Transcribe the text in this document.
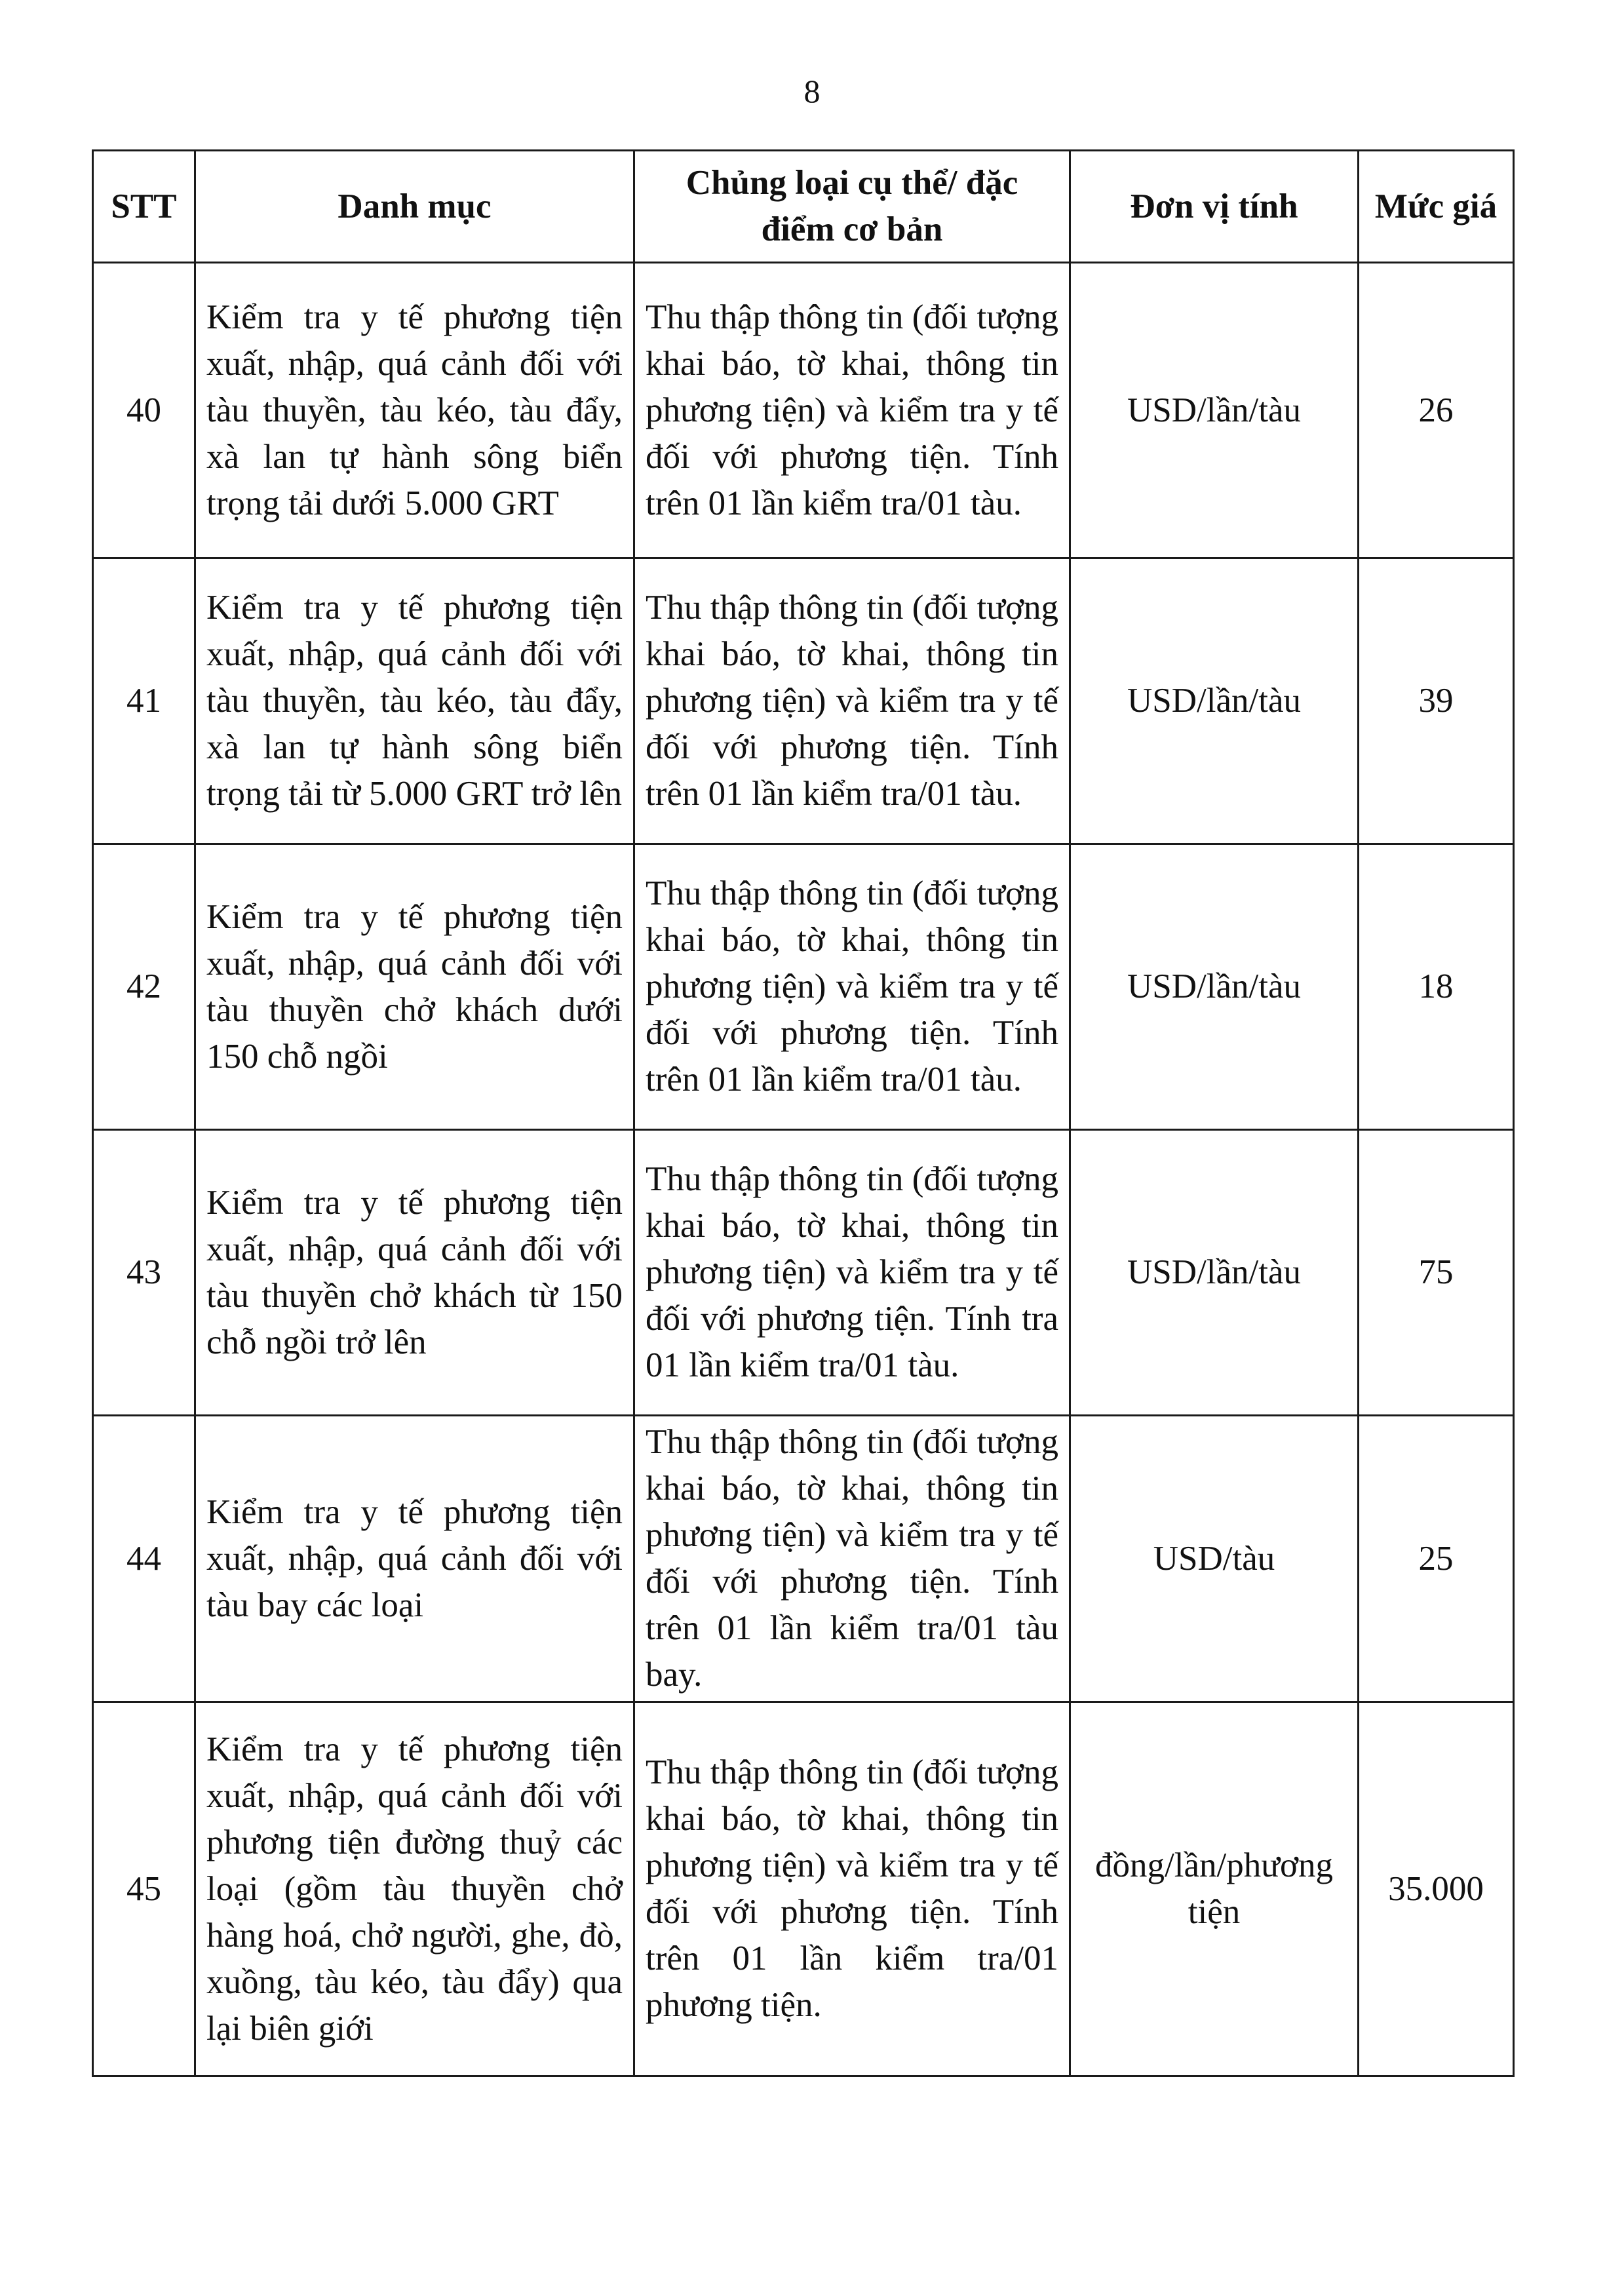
8
STT	Danh mục	Chủng loại cụ thể/ đặc điểm cơ bản	Đơn vị tính	Mức giá
40	Kiểm tra y tế phương tiện xuất, nhập, quá cảnh đối với tàu thuyền, tàu kéo, tàu đẩy, xà lan tự hành sông biển trọng tải dưới 5.000 GRT	Thu thập thông tin (đối tượng khai báo, tờ khai, thông tin phương tiện) và kiểm tra y tế đối với phương tiện. Tính trên 01 lần kiểm tra/01 tàu.	USD/lần/tàu	26
41	Kiểm tra y tế phương tiện xuất, nhập, quá cảnh đối với tàu thuyền, tàu kéo, tàu đẩy, xà lan tự hành sông biển trọng tải từ 5.000 GRT trở lên	Thu thập thông tin (đối tượng khai báo, tờ khai, thông tin phương tiện) và kiểm tra y tế đối với phương tiện. Tính trên 01 lần kiểm tra/01 tàu.	USD/lần/tàu	39
42	Kiểm tra y tế phương tiện xuất, nhập, quá cảnh đối với tàu thuyền chở khách dưới 150 chỗ ngồi	Thu thập thông tin (đối tượng khai báo, tờ khai, thông tin phương tiện) và kiểm tra y tế đối với phương tiện. Tính trên 01 lần kiểm tra/01 tàu.	USD/lần/tàu	18
43	Kiểm tra y tế phương tiện xuất, nhập, quá cảnh đối với tàu thuyền chở khách từ 150 chỗ ngồi trở lên	Thu thập thông tin (đối tượng khai báo, tờ khai, thông tin phương tiện) và kiểm tra y tế đối với phương tiện. Tính tra 01 lần kiểm tra/01 tàu.	USD/lần/tàu	75
44	Kiểm tra y tế phương tiện xuất, nhập, quá cảnh đối với tàu bay các loại	Thu thập thông tin (đối tượng khai báo, tờ khai, thông tin phương tiện) và kiểm tra y tế đối với phương tiện. Tính trên 01 lần kiểm tra/01 tàu bay.	USD/tàu	25
45	Kiểm tra y tế phương tiện xuất, nhập, quá cảnh đối với phương tiện đường thuỷ các loại (gồm tàu thuyền chở hàng hoá, chở người, ghe, đò, xuồng, tàu kéo, tàu đẩy) qua lại biên giới	Thu thập thông tin (đối tượng khai báo, tờ khai, thông tin phương tiện) và kiểm tra y tế đối với phương tiện. Tính trên 01 lần kiểm tra/01 phương tiện.	đồng/lần/phương tiện	35.000
